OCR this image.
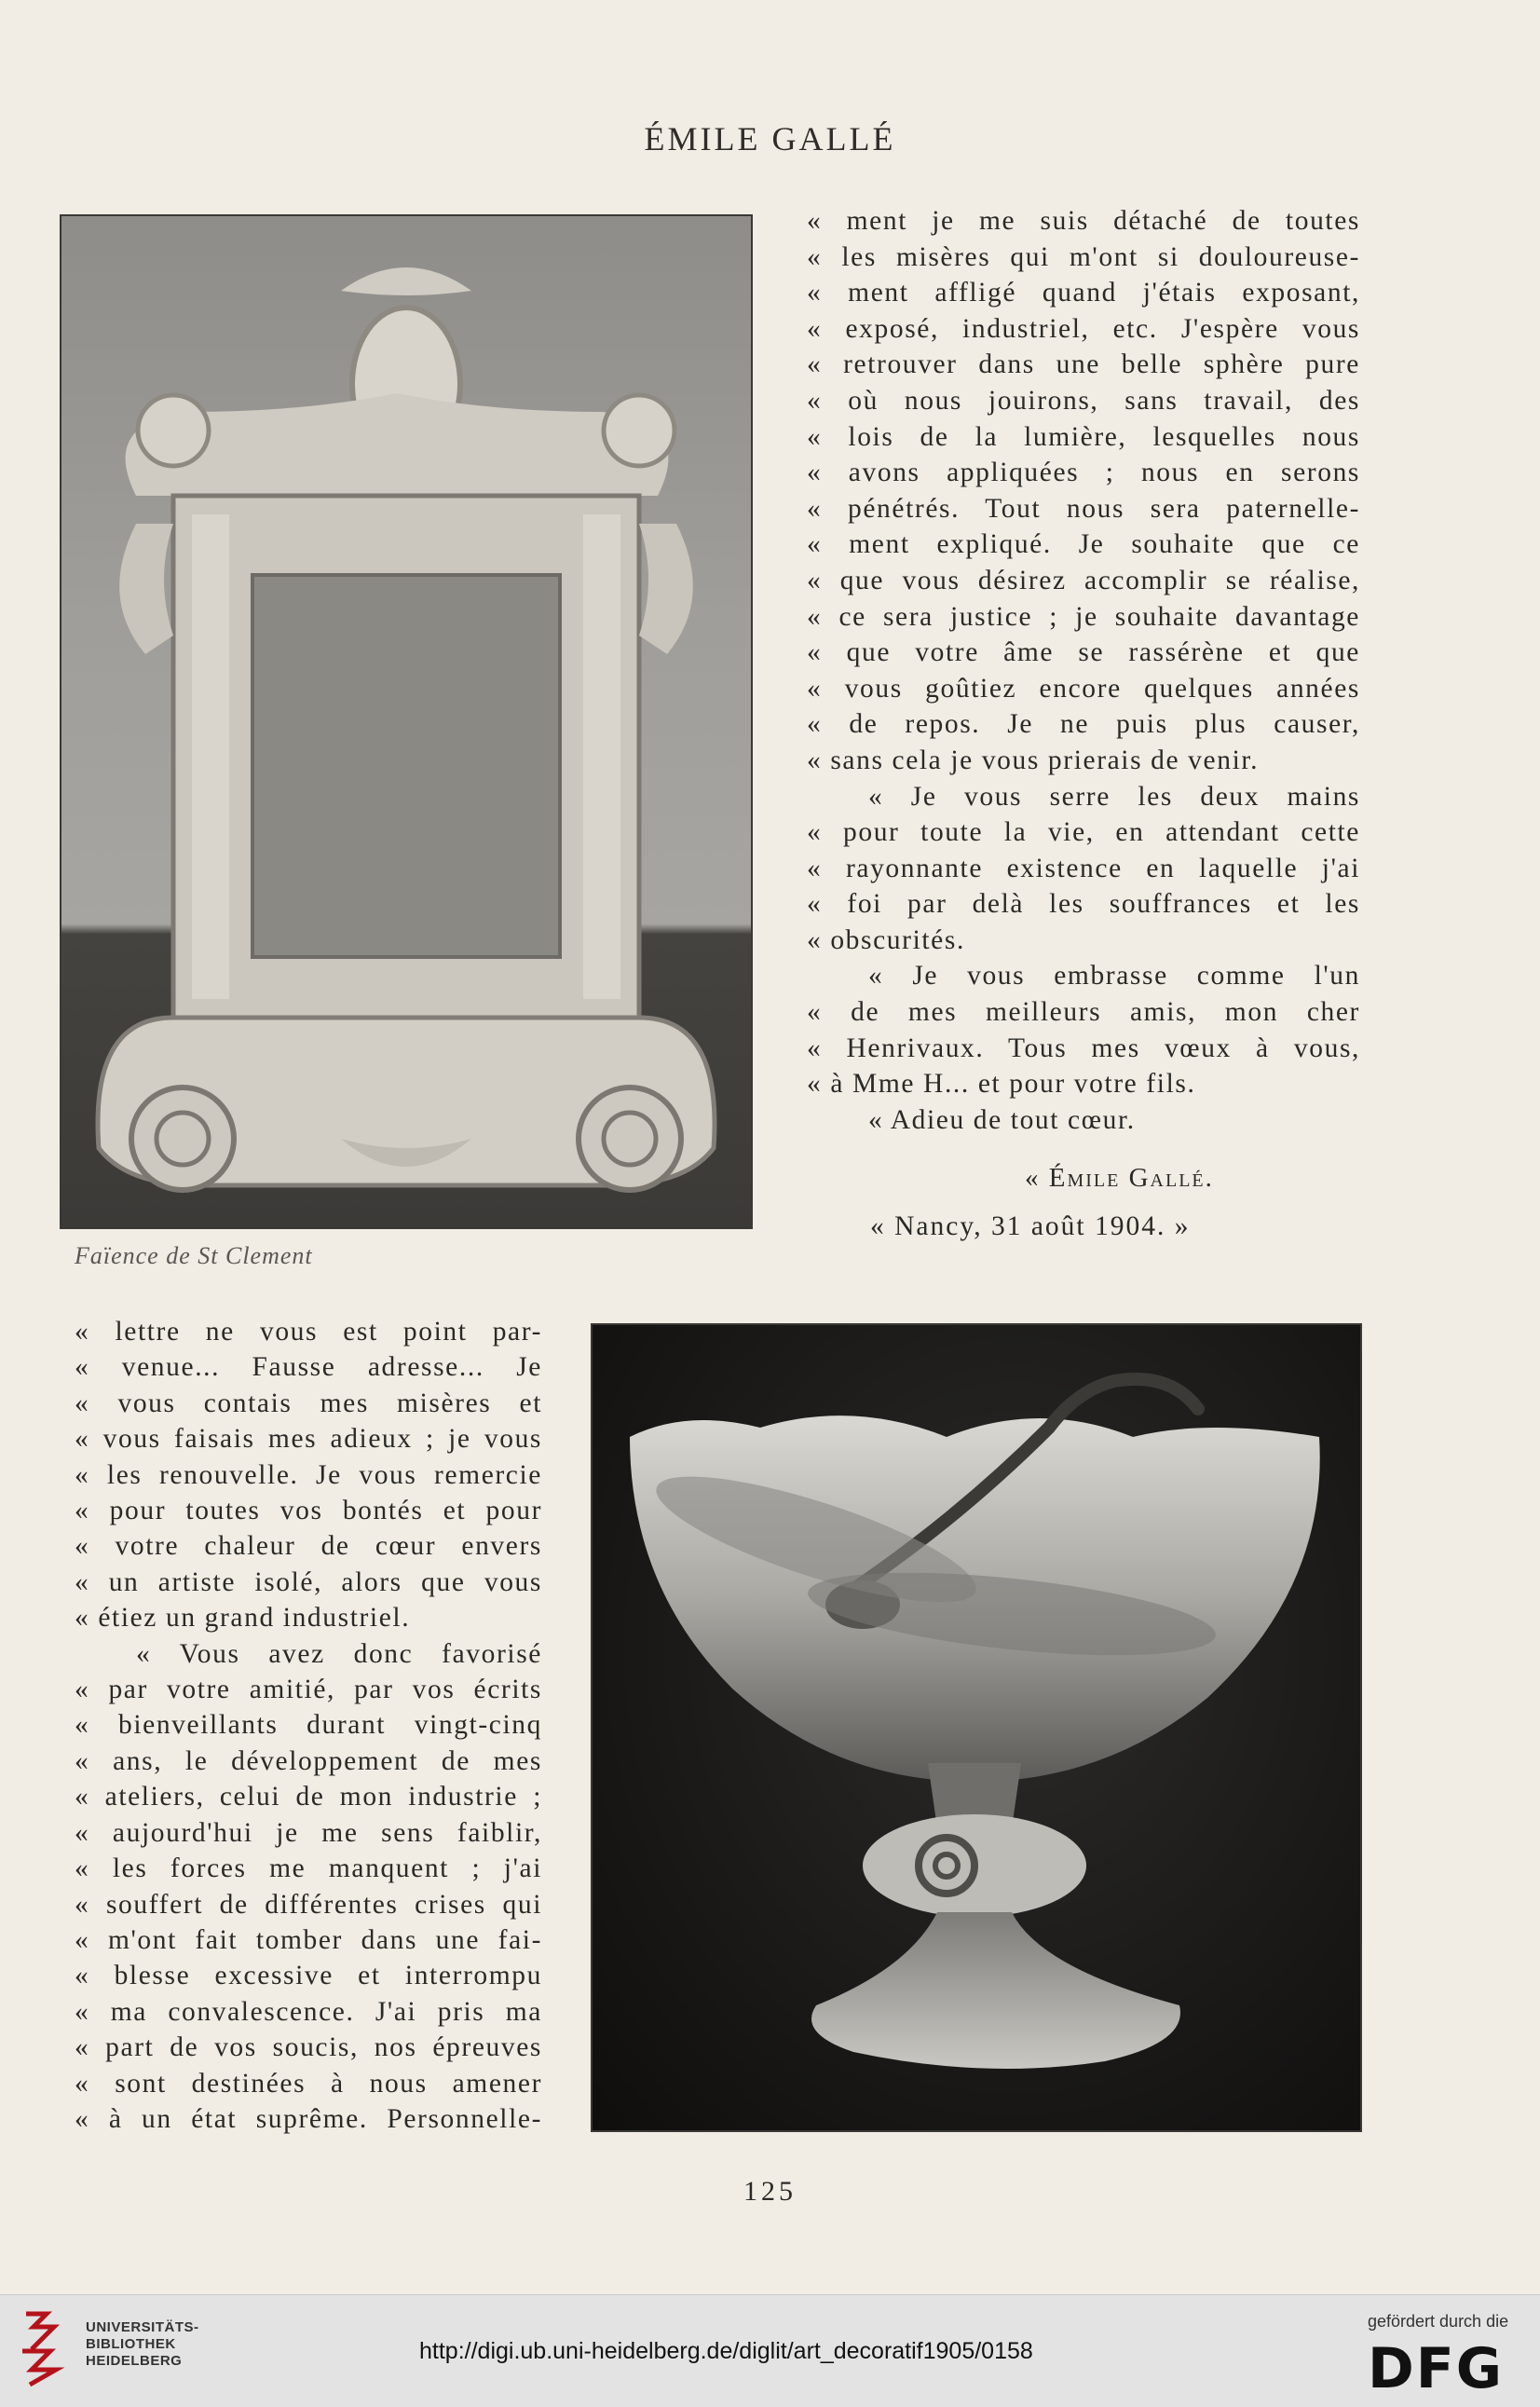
ÉMILE GALLÉ
Faïence de St Clement
« ment je me suis détaché de toutes
« les misères qui m'ont si douloureuse-
« ment affligé quand j'étais exposant,
« exposé, industriel, etc. J'espère vous
« retrouver dans une belle sphère pure
« où nous jouirons, sans travail, des
« lois de la lumière, lesquelles nous
« avons appliquées ; nous en serons
« pénétrés. Tout nous sera paternelle-
« ment expliqué. Je souhaite que ce
« que vous désirez accomplir se réalise,
« ce sera justice ; je souhaite davantage
« que votre âme se rassérène et que
« vous goûtiez encore quelques années
« de repos. Je ne puis plus causer,
« sans cela je vous prierais de venir.
« Je vous serre les deux mains
« pour toute la vie, en attendant cette
« rayonnante existence en laquelle j'ai
« foi par delà les souffrances et les
« obscurités.
« Je vous embrasse comme l'un
« de mes meilleurs amis, mon cher
« Henrivaux. Tous mes vœux à vous,
« à Mme H... et pour votre fils.
« Adieu de tout cœur.
« Émile Gallé.
« Nancy, 31 août 1904. »
« lettre ne vous est point par-
« venue... Fausse adresse... Je
« vous contais mes misères et
« vous faisais mes adieux ; je vous
« les renouvelle. Je vous remercie
« pour toutes vos bontés et pour
« votre chaleur de cœur envers
« un artiste isolé, alors que vous
« étiez un grand industriel.
« Vous avez donc favorisé
« par votre amitié, par vos écrits
« bienveillants durant vingt-cinq
« ans, le développement de mes
« ateliers, celui de mon industrie ;
« aujourd'hui je me sens faiblir,
« les forces me manquent ; j'ai
« souffert de différentes crises qui
« m'ont fait tomber dans une fai-
« blesse excessive et interrompu
« ma convalescence. J'ai pris ma
« part de vos soucis, nos épreuves
« sont destinées à nous amener
« à un état suprême. Personnelle-
125
UNIVERSITÄTS-
BIBLIOTHEK
HEIDELBERG	http://digi.ub.uni-heidelberg.de/diglit/art_decoratif1905/0158
gefördert durch die
DFG
